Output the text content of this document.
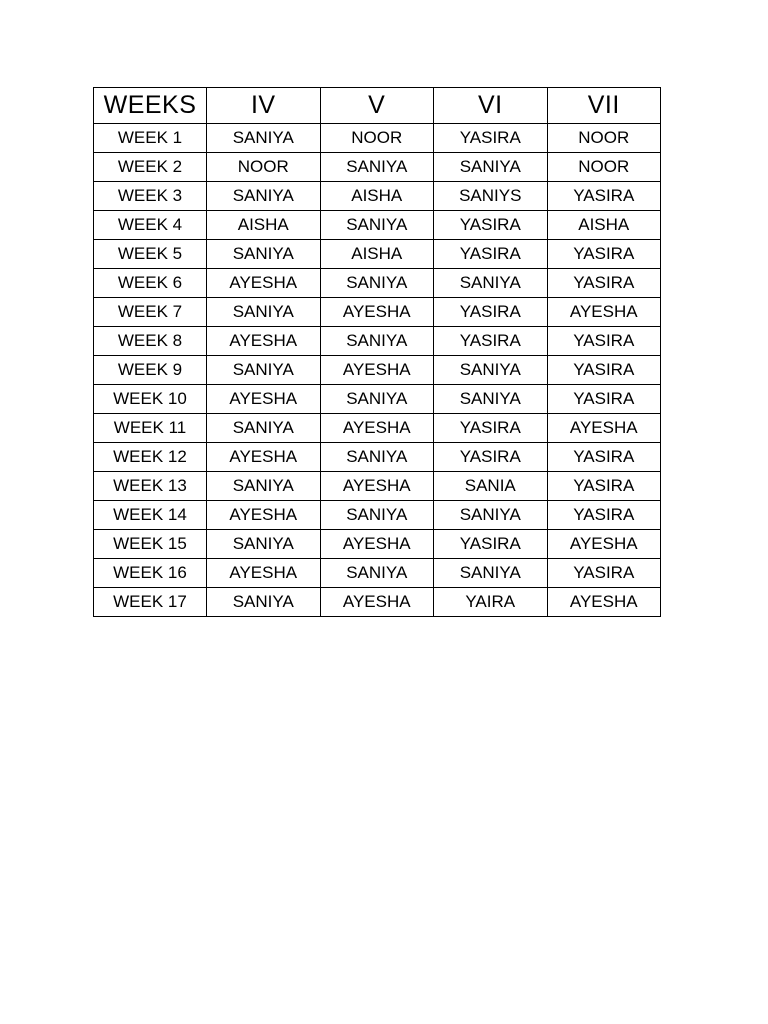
WEEKS	IV	V	VI	VII
WEEK 1	SANIYA	NOOR	YASIRA	NOOR
WEEK 2	NOOR	SANIYA	SANIYA	NOOR
WEEK 3	SANIYA	AISHA	SANIYS	YASIRA
WEEK 4	AISHA	SANIYA	YASIRA	AISHA
WEEK 5	SANIYA	AISHA	YASIRA	YASIRA
WEEK 6	AYESHA	SANIYA	SANIYA	YASIRA
WEEK 7	SANIYA	AYESHA	YASIRA	AYESHA
WEEK 8	AYESHA	SANIYA	YASIRA	YASIRA
WEEK 9	SANIYA	AYESHA	SANIYA	YASIRA
WEEK 10	AYESHA	SANIYA	SANIYA	YASIRA
WEEK 11	SANIYA	AYESHA	YASIRA	AYESHA
WEEK 12	AYESHA	SANIYA	YASIRA	YASIRA
WEEK 13	SANIYA	AYESHA	SANIA	YASIRA
WEEK 14	AYESHA	SANIYA	SANIYA	YASIRA
WEEK 15	SANIYA	AYESHA	YASIRA	AYESHA
WEEK 16	AYESHA	SANIYA	SANIYA	YASIRA
WEEK 17	SANIYA	AYESHA	YAIRA	AYESHA
